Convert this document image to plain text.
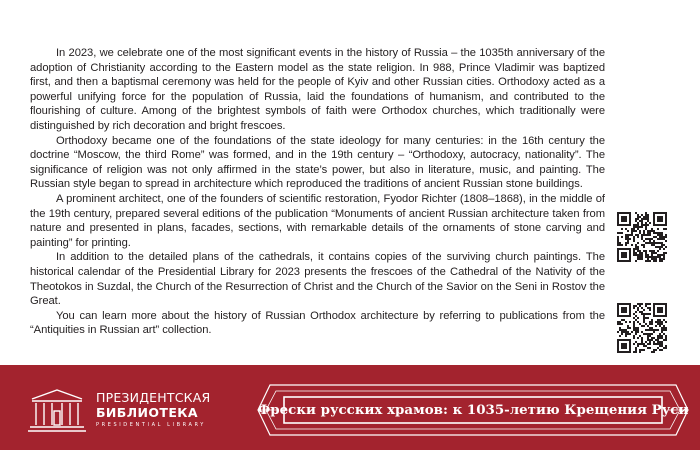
In 2023, we celebrate one of the most significant events in the history of Russia – the 1035th anniversary of the adoption of Christianity according to the Eastern model as the state religion. In 988, Prince Vladimir was baptized first, and then a baptismal ceremony was held for the people of Kyiv and other Russian cities. Orthodoxy acted as a powerful unifying force for the population of Russia, laid the foundations of humanism, and contributed to the flourishing of culture. Among of the brightest symbols of faith were Orthodox churches, which traditionally were distinguished by rich decoration and bright frescoes.

Orthodoxy became one of the foundations of the state ideology for many centuries: in the 16th century the doctrine “Moscow, the third Rome” was formed, and in the 19th century – “Orthodoxy, autocracy, nationality”. The significance of religion was not only affirmed in the state’s power, but also in literature, music, and painting. The Russian style began to spread in architecture which reproduced the traditions of ancient Russian stone buildings.

A prominent architect, one of the founders of scientific restoration, Fyodor Richter (1808–1868), in the middle of the 19th century, prepared several editions of the publication “Monuments of ancient Russian architecture taken from nature and presented in plans, facades, sections, with remarkable details of the ornaments of stone carving and painting” for printing.

In addition to the detailed plans of the cathedrals, it contains copies of the surviving church paintings. The historical calendar of the Presidential Library for 2023 presents the frescoes of the Cathedral of the Nativity of the Theotokos in Suzdal, the Church of the Resurrection of Christ and the Church of the Savior on the Seni in Rostov the Great.

You can learn more about the history of Russian Orthodox architecture by referring to publications from the “Antiquities in Russian art” collection.

ПРЕЗИДЕНТСКАЯ
БИБЛИОТЕКА
PRESIDENTIAL LIBRARY
Фрески русских храмов: к 1035-летию Крещения Руси
